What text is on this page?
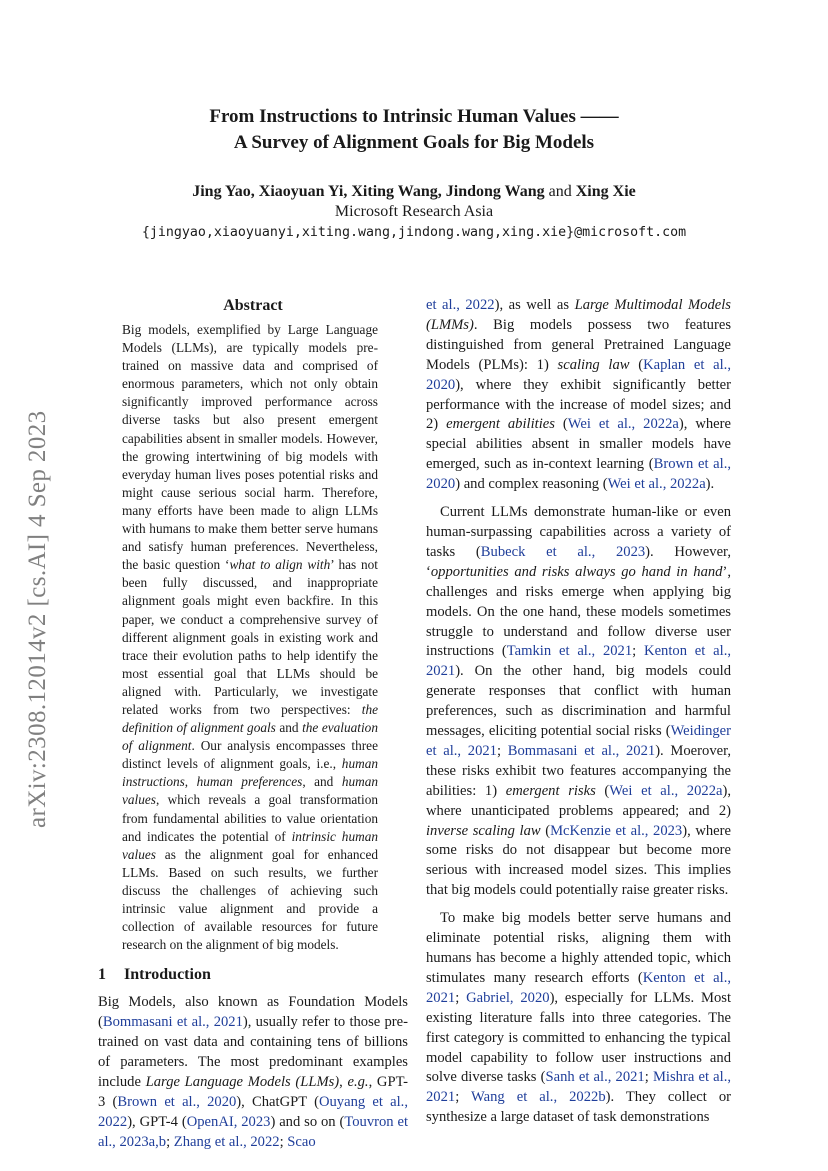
arXiv:2308.12014v2 [cs.AI] 4 Sep 2023
From Instructions to Intrinsic Human Values ——
A Survey of Alignment Goals for Big Models
Jing Yao, Xiaoyuan Yi, Xiting Wang, Jindong Wang and Xing Xie
Microsoft Research Asia
{jingyao,xiaoyuanyi,xiting.wang,jindong.wang,xing.xie}@microsoft.com
Abstract

Big models, exemplified by Large Language Models (LLMs), are typically models pre-trained on massive data and comprised of enormous parameters, which not only obtain significantly improved performance across diverse tasks but also present emergent capabilities absent in smaller models. However, the growing intertwining of big models with everyday human lives poses potential risks and might cause serious social harm. Therefore, many efforts have been made to align LLMs with humans to make them better serve humans and satisfy human preferences. Nevertheless, the basic question ‘what to align with’ has not been fully discussed, and inappropriate alignment goals might even backfire. In this paper, we conduct a comprehensive survey of different alignment goals in existing work and trace their evolution paths to help identify the most essential goal that LLMs should be aligned with. Particularly, we investigate related works from two perspectives: the definition of alignment goals and the evaluation of alignment. Our analysis encompasses three distinct levels of alignment goals, i.e., human instructions, human preferences, and human values, which reveals a goal transformation from fundamental abilities to value orientation and indicates the potential of intrinsic human values as the alignment goal for enhanced LLMs. Based on such results, we further discuss the challenges of achieving such intrinsic value alignment and provide a collection of available resources for future research on the alignment of big models.

1 Introduction

Big Models, also known as Foundation Models (Bommasani et al., 2021), usually refer to those pre-trained on vast data and containing tens of billions of parameters. The most predominant examples include Large Language Models (LLMs), e.g., GPT-3 (Brown et al., 2020), ChatGPT (Ouyang et al., 2022), GPT-4 (OpenAI, 2023) and so on (Touvron et al., 2023a,b; Zhang et al., 2022; Scao

et al., 2022), as well as Large Multimodal Models (LMMs). Big models possess two features distinguished from general Pretrained Language Models (PLMs): 1) scaling law (Kaplan et al., 2020), where they exhibit significantly better performance with the increase of model sizes; and 2) emergent abilities (Wei et al., 2022a), where special abilities absent in smaller models have emerged, such as in-context learning (Brown et al., 2020) and complex reasoning (Wei et al., 2022a).

Current LLMs demonstrate human-like or even human-surpassing capabilities across a variety of tasks (Bubeck et al., 2023). However, ‘opportunities and risks always go hand in hand’, challenges and risks emerge when applying big models. On the one hand, these models sometimes struggle to understand and follow diverse user instructions (Tamkin et al., 2021; Kenton et al., 2021). On the other hand, big models could generate responses that conflict with human preferences, such as discrimination and harmful messages, eliciting potential social risks (Weidinger et al., 2021; Bommasani et al., 2021). Moerover, these risks exhibit two features accompanying the abilities: 1) emergent risks (Wei et al., 2022a), where unanticipated problems appeared; and 2) inverse scaling law (McKenzie et al., 2023), where some risks do not disappear but become more serious with increased model sizes. This implies that big models could potentially raise greater risks.

To make big models better serve humans and eliminate potential risks, aligning them with humans has become a highly attended topic, which stimulates many research efforts (Kenton et al., 2021; Gabriel, 2020), especially for LLMs. Most existing literature falls into three categories. The first category is committed to enhancing the typical model capability to follow user instructions and solve diverse tasks (Sanh et al., 2021; Mishra et al., 2021; Wang et al., 2022b). They collect or synthesize a large dataset of task demonstrations
